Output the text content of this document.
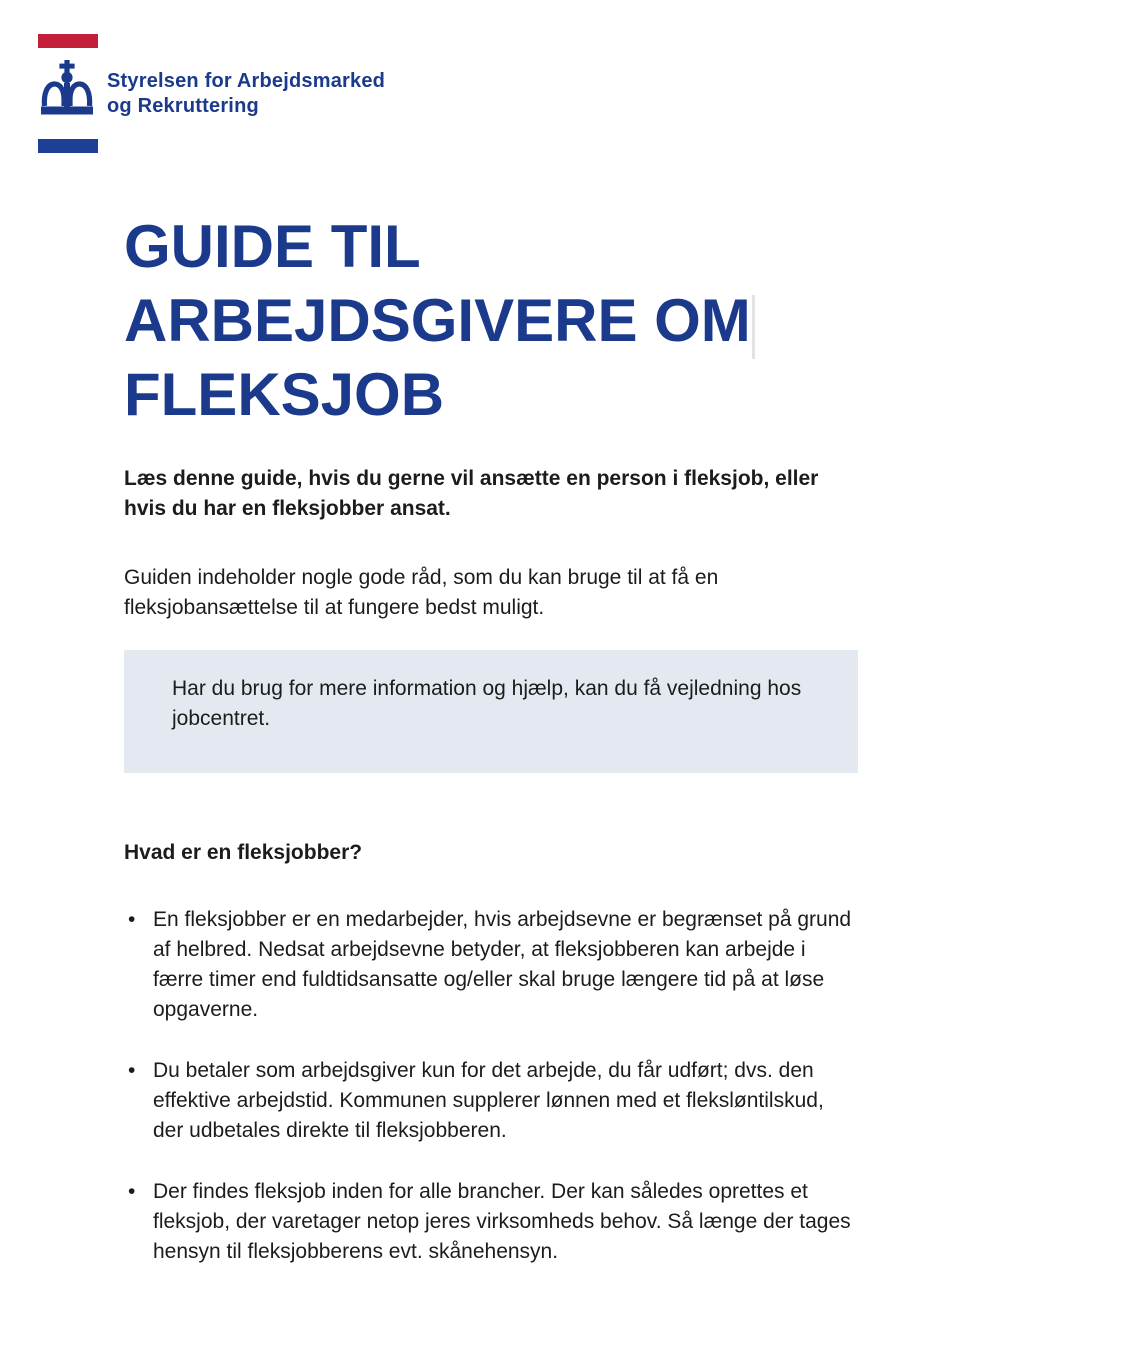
Styrelsen for Arbejdsmarked
og Rekruttering
GUIDE TIL
ARBEJDSGIVERE OM
FLEKSJOB

Læs denne guide, hvis du gerne vil ansætte en person i fleksjob, eller hvis du har en fleksjobber ansat.

Guiden indeholder nogle gode råd, som du kan bruge til at få en fleksjobansættelse til at fungere bedst muligt.

Har du brug for mere information og hjælp, kan du få vejledning hos jobcentret.

Hvad er en fleksjobber?
• En fleksjobber er en medarbejder, hvis arbejdsevne er begrænset på grund af helbred. Nedsat arbejdsevne betyder, at fleksjobberen kan arbejde i færre timer end fuldtidsansatte og/eller skal bruge længere tid på at løse opgaverne.
• Du betaler som arbejdsgiver kun for det arbejde, du får udført; dvs. den effektive arbejdstid. Kommunen supplerer lønnen med et fleksløntilskud, der udbetales direkte til fleksjobberen.
• Der findes fleksjob inden for alle brancher. Der kan således oprettes et fleksjob, der varetager netop jeres virksomheds behov. Så længe der tages hensyn til fleksjobberens evt. skånehensyn.
